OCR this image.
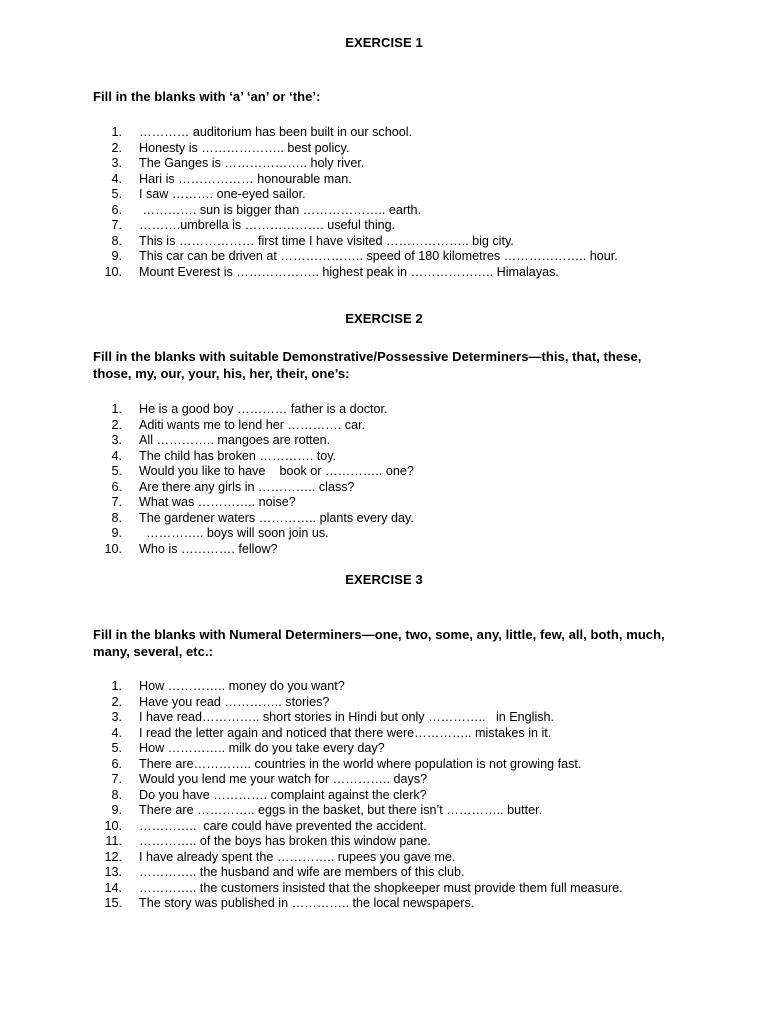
EXERCISE 1
Fill in the blanks with ‘a’ ‘an’ or ‘the’:
1. ………… auditorium has been built in our school.
2. Honesty is ……………….. best policy.
3. The Ganges is ……………….. holy river.
4. Hari is ……………… honourable man.
5. I saw ………. one-eyed sailor.
6. …………. sun is bigger than ……………….. earth.
7. ……….umbrella is ………………. useful thing.
8. This is ……………… first time I have visited ……………….. big city.
9.	This car can be driven at ……………….. speed of 180 kilometres ……………….. hour.
10. Mount Everest is ……………….. highest peak in ……………….. Himalayas.
EXERCISE 2
Fill in the blanks with suitable Demonstrative/Possessive Determiners—this, that, these, those, my, our, your, his, her, their, one’s:
1. He is a good boy ………… father is a doctor.
2. Aditi wants me to lend her …………. car.
3. All ………….. mangoes are rotten.
4. The child has broken …………. toy.
5. Would you like to have    book or ………….. one?
6. Are there any girls in ………….. class?
7. What was ………….. noise?
8. The gardener waters ………….. plants every day.
9. ………….. boys will soon join us.
10. Who is …………. fellow?
EXERCISE 3
Fill in the blanks with Numeral Determiners—one, two, some, any, little, few, all, both, much, many, several, etc.:
1. How ………….. money do you want?
2. Have you read ………….. stories?
3. I have read………….. short stories in Hindi but only …………..   in English.
4. I read the letter again and noticed that there were………….. mistakes in it.
5. How ………….. milk do you take every day?
6. There are………….. countries in the world where population is not growing fast.
7. Would you lend me your watch for ………….. days?
8. Do you have …………. complaint against the clerk?
9. There are ………….. eggs in the basket, but there isn’t ………….. butter.
10. …………..  care could have prevented the accident.
11. ………….. of the boys has broken this window pane.
12. I have already spent the ………….. rupees you gave me.
13. ………….. the husband and wife are members of this club.
14.	………….. the customers insisted that the shopkeeper must provide them full measure.
15. The story was published in ………….. the local newspapers.
